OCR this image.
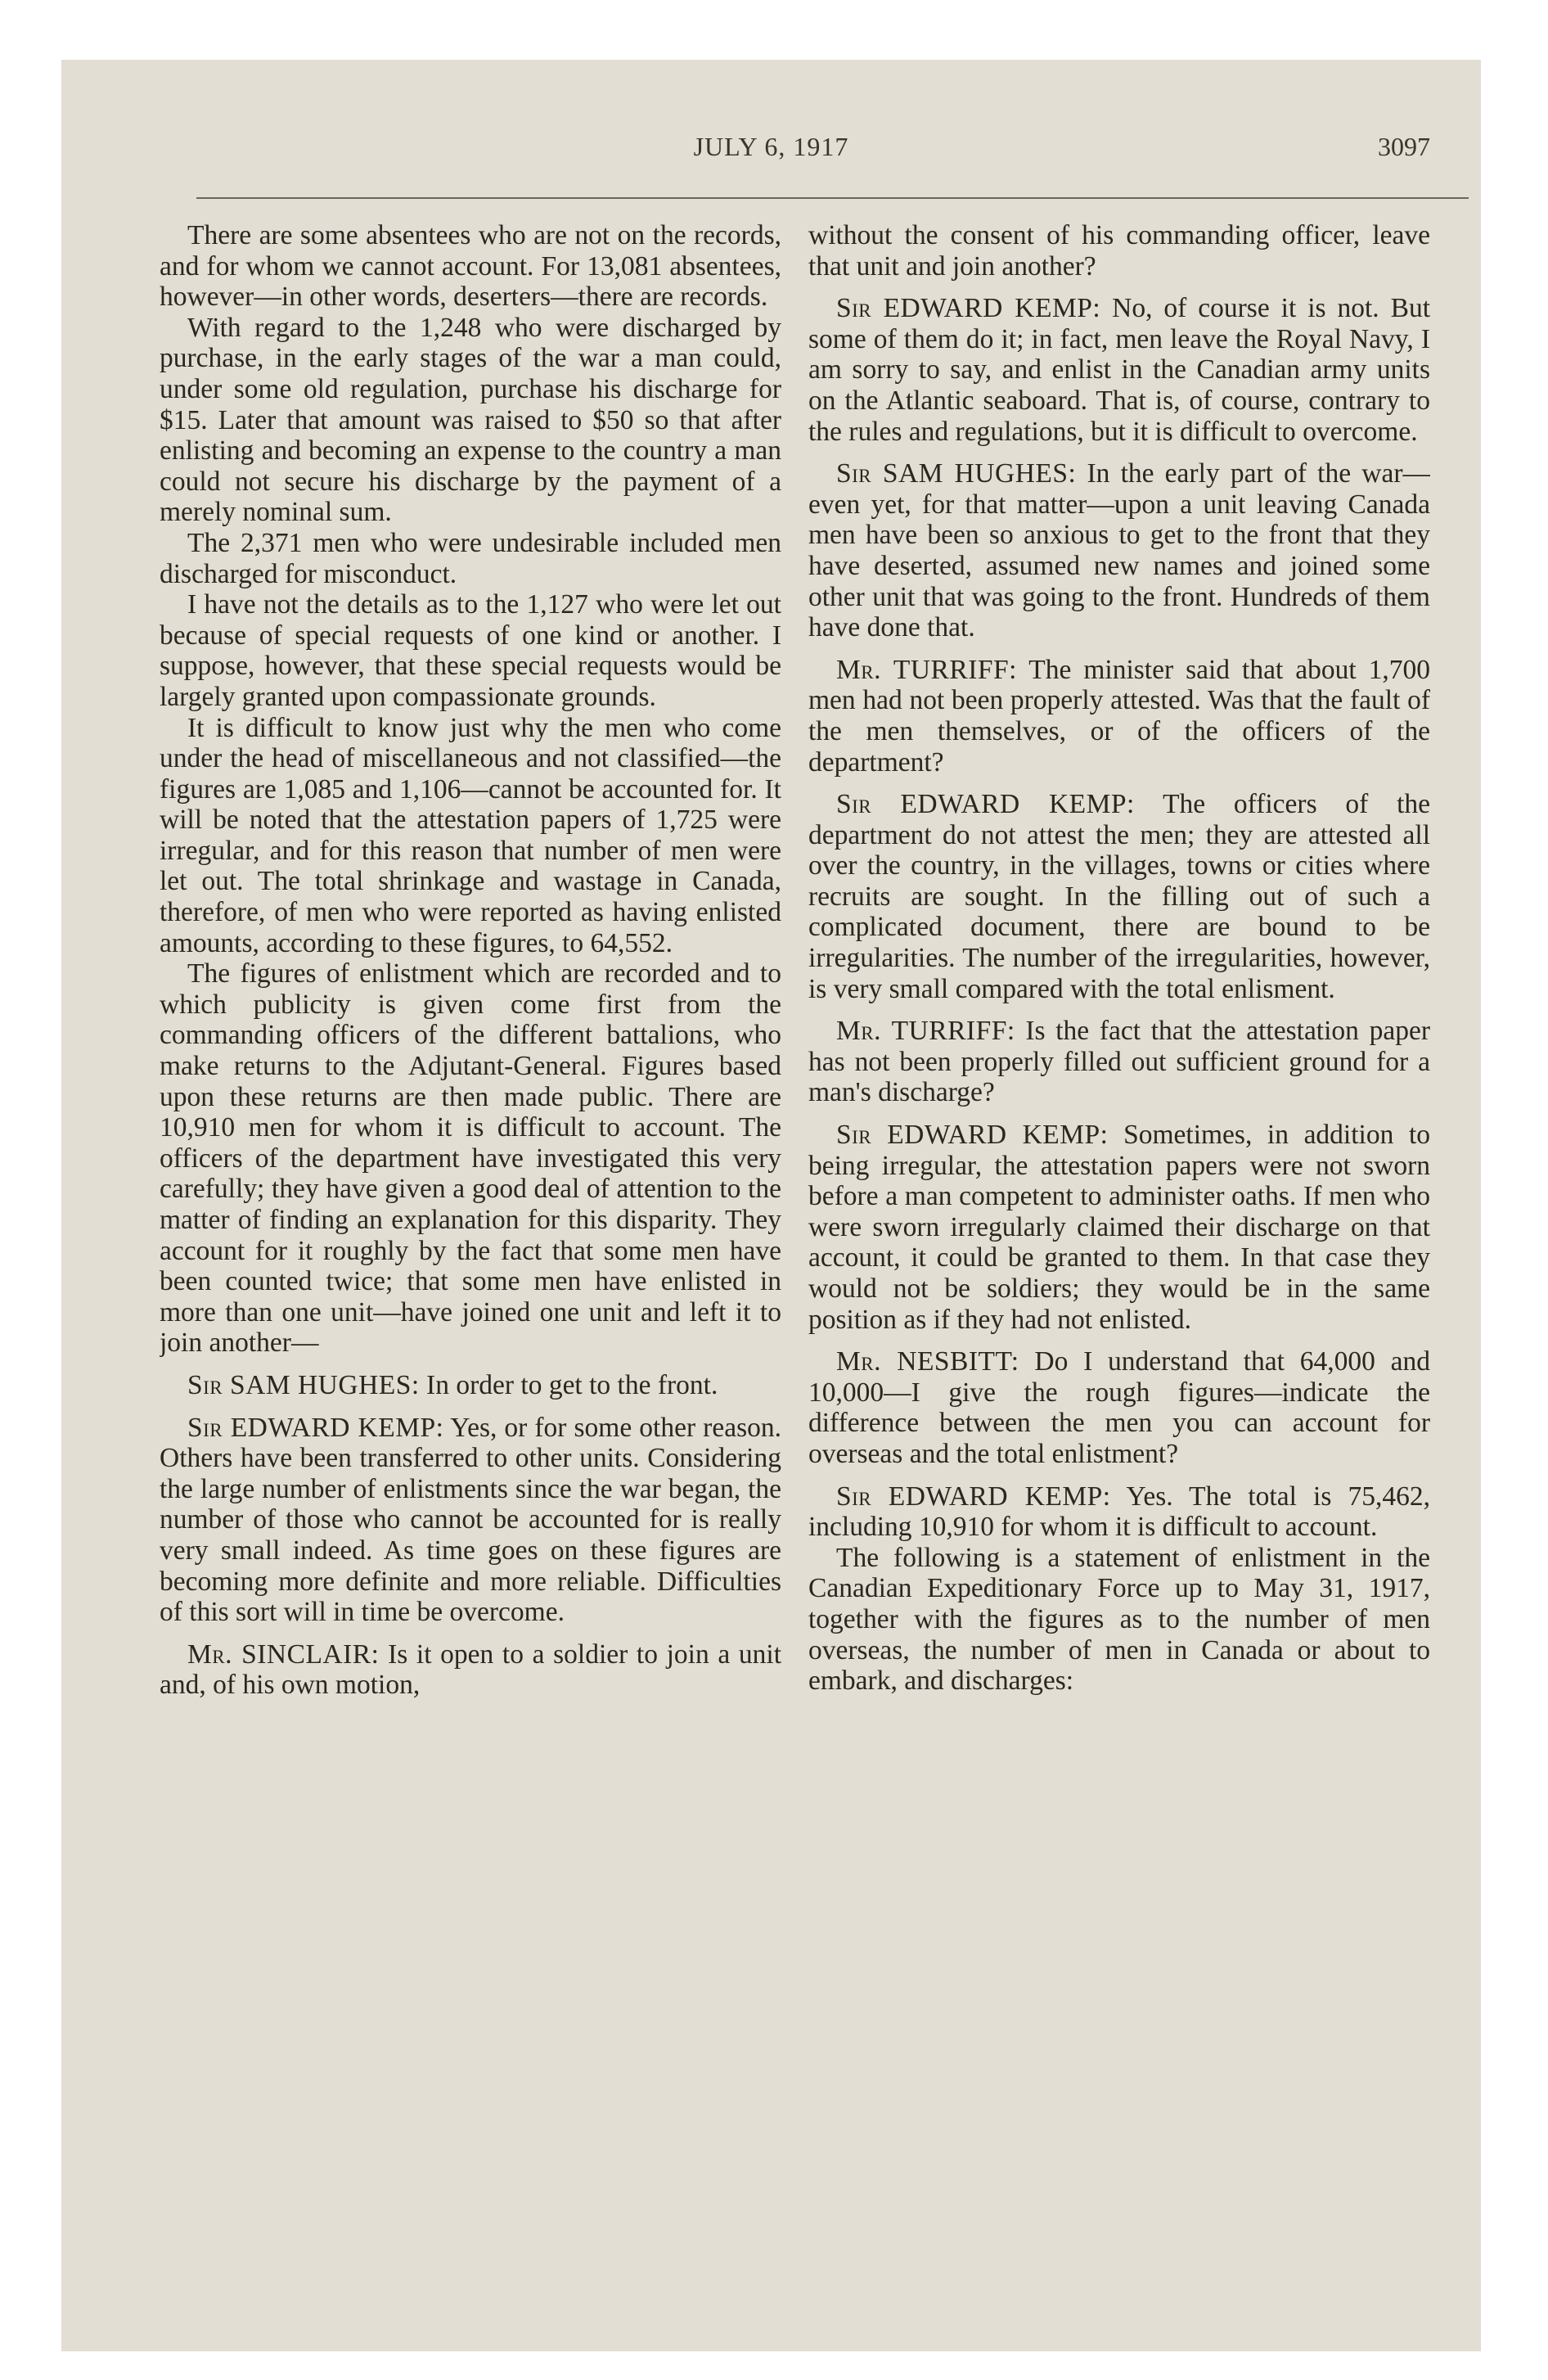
JULY 6, 1917	3097

There are some absentees who are not on the records, and for whom we cannot account. For 13,081 absentees, however—in other words, deserters—there are records.

With regard to the 1,248 who were discharged by purchase, in the early stages of the war a man could, under some old regulation, purchase his discharge for $15. Later that amount was raised to $50 so that after enlisting and becoming an expense to the country a man could not secure his discharge by the payment of a merely nominal sum.

The 2,371 men who were undesirable included men discharged for misconduct.

I have not the details as to the 1,127 who were let out because of special requests of one kind or another. I suppose, however, that these special requests would be largely granted upon compassionate grounds.

It is difficult to know just why the men who come under the head of miscellaneous and not classified—the figures are 1,085 and 1,106—cannot be accounted for. It will be noted that the attestation papers of 1,725 were irregular, and for this reason that number of men were let out. The total shrinkage and wastage in Canada, therefore, of men who were reported as having enlisted amounts, according to these figures, to 64,552.

The figures of enlistment which are recorded and to which publicity is given come first from the commanding officers of the different battalions, who make returns to the Adjutant-General. Figures based upon these returns are then made public. There are 10,910 men for whom it is difficult to account. The officers of the department have investigated this very carefully; they have given a good deal of attention to the matter of finding an explanation for this disparity. They account for it roughly by the fact that some men have been counted twice; that some men have enlisted in more than one unit—have joined one unit and left it to join another—

Sir SAM HUGHES: In order to get to the front.

Sir EDWARD KEMP: Yes, or for some other reason. Others have been transferred to other units. Considering the large number of enlistments since the war began, the number of those who cannot be accounted for is really very small indeed. As time goes on these figures are becoming more definite and more reliable. Difficulties of this sort will in time be overcome.

Mr. SINCLAIR: Is it open to a soldier to join a unit and, of his own motion,

without the consent of his commanding officer, leave that unit and join another?

Sir EDWARD KEMP: No, of course it is not. But some of them do it; in fact, men leave the Royal Navy, I am sorry to say, and enlist in the Canadian army units on the Atlantic seaboard. That is, of course, contrary to the rules and regulations, but it is difficult to overcome.

Sir SAM HUGHES: In the early part of the war—even yet, for that matter—upon a unit leaving Canada men have been so anxious to get to the front that they have deserted, assumed new names and joined some other unit that was going to the front. Hundreds of them have done that.

Mr. TURRIFF: The minister said that about 1,700 men had not been properly attested. Was that the fault of the men themselves, or of the officers of the department?

Sir EDWARD KEMP: The officers of the department do not attest the men; they are attested all over the country, in the villages, towns or cities where recruits are sought. In the filling out of such a complicated document, there are bound to be irregularities. The number of the irregularities, however, is very small compared with the total enlisment.

Mr. TURRIFF: Is the fact that the attestation paper has not been properly filled out sufficient ground for a man's discharge?

Sir EDWARD KEMP: Sometimes, in addition to being irregular, the attestation papers were not sworn before a man competent to administer oaths. If men who were sworn irregularly claimed their discharge on that account, it could be granted to them. In that case they would not be soldiers; they would be in the same position as if they had not enlisted.

Mr. NESBITT: Do I understand that 64,000 and 10,000—I give the rough figures—indicate the difference between the men you can account for overseas and the total enlistment?

Sir EDWARD KEMP: Yes. The total is 75,462, including 10,910 for whom it is difficult to account.

The following is a statement of enlistment in the Canadian Expeditionary Force up to May 31, 1917, together with the figures as to the number of men overseas, the number of men in Canada or about to embark, and discharges:
